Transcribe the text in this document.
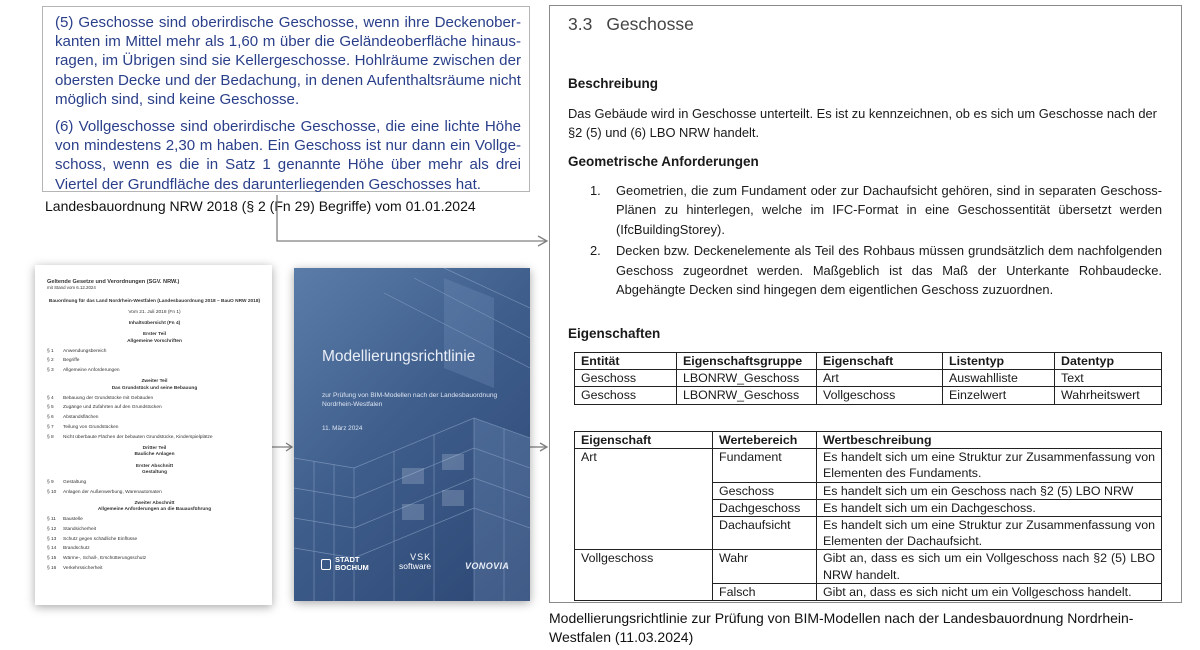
(5) Geschosse sind oberirdische Geschosse, wenn ihre Deckenoberkanten im Mittel mehr als 1,60 m über die Geländeoberfläche hinausragen, im Übrigen sind sie Kellergeschosse. Hohlräume zwischen der obersten Decke und der Bedachung, in denen Aufenthaltsräume nicht möglich sind, sind keine Geschosse.

(6) Vollgeschosse sind oberirdische Geschosse, die eine lichte Höhe von mindestens 2,30 m haben. Ein Geschoss ist nur dann ein Vollgeschoss, wenn es die in Satz 1 genannte Höhe über mehr als drei Viertel der Grundfläche des darunterliegenden Geschosses hat.

Landesbauordnung NRW 2018 (§ 2 (Fn 29) Begriffe) vom 01.01.2024
Geltende Gesetze und Verordnungen (SGV. NRW.)
mit Stand vom 6.12.2024
Bauordnung für das Land Nordrhein-Westfalen (Landesbauordnung 2018 – BauO NRW 2018)
Vom 21. Juli 2018 (Fn 1)
Inhaltsübersicht (Fn 4)
Erster Teil
Allgemeine Vorschriften
§ 1	Anwendungsbereich
§ 2	Begriffe
§ 3	Allgemeine Anforderungen
Zweiter Teil
Das Grundstück und seine Bebauung
§ 4	Bebauung der Grundstücke mit Gebäuden
§ 5	Zugänge und Zufahrten auf den Grundstücken
§ 6	Abstandsflächen
§ 7	Teilung von Grundstücken
§ 8	Nicht überbaute Flächen der bebauten Grundstücke, Kinderspielplätze
Dritter Teil
Bauliche Anlagen
Erster Abschnitt
Gestaltung
§ 9	Gestaltung
§ 10	Anlagen der Außenwerbung, Warenautomaten
Zweiter Abschnitt
Allgemeine Anforderungen an die Bauausführung
§ 11	Baustelle
§ 12	Standsicherheit
§ 13	Schutz gegen schädliche Einflüsse
§ 14	Brandschutz
§ 15	Wärme-, Schall-, Erschütterungsschutz
§ 16	Verkehrssicherheit
Modellierungsrichtlinie
zur Prüfung von BIM-Modellen nach der Landesbauordnung Nordrhein-Westfalen
11. März 2024
STADT
BOCHUM
VSK
software	VONOVIA
3.3 Geschosse
Beschreibung
Das Gebäude wird in Geschosse unterteilt. Es ist zu kennzeichnen, ob es sich um Geschosse nach der §2 (5) und (6) LBO NRW handelt.
Geometrische Anforderungen
1.	Geometrien, die zum Fundament oder zur Dachaufsicht gehören, sind in separaten Geschoss-Plänen zu hinterlegen, welche im IFC-Format in eine Geschossentität übersetzt werden (IfcBuildingStorey).
2.	Decken bzw. Deckenelemente als Teil des Rohbaus müssen grundsätzlich dem nachfolgenden Geschoss zugeordnet werden. Maßgeblich ist das Maß der Unterkante Rohbaudecke. Abgehängte Decken sind hingegen dem eigentlichen Geschoss zuzuordnen.
Eigenschaften
Entität	Eigenschaftsgruppe	Eigenschaft	Listentyp	Datentyp
Geschoss	LBONRW_Geschoss	Art	Auswahlliste	Text
Geschoss	LBONRW_Geschoss	Vollgeschoss	Einzelwert	Wahrheitswert
Eigenschaft	Wertebereich	Wertbeschreibung
Art	Fundament	Es handelt sich um eine Struktur zur Zusammenfassung von Elementen des Fundaments.
	Geschoss	Es handelt sich um ein Geschoss nach §2 (5) LBO NRW
	Dachgeschoss	Es handelt sich um ein Dachgeschoss.
	Dachaufsicht	Es handelt sich um eine Struktur zur Zusammenfassung von Elementen der Dachaufsicht.
Vollgeschoss	Wahr	Gibt an, dass es sich um ein Vollgeschoss nach §2 (5) LBO NRW handelt.
	Falsch	Gibt an, dass es sich nicht um ein Vollgeschoss handelt.
Modellierungsrichtlinie zur Prüfung von BIM-Modellen nach der Landesbauordnung Nordrhein-Westfalen (11.03.2024)
